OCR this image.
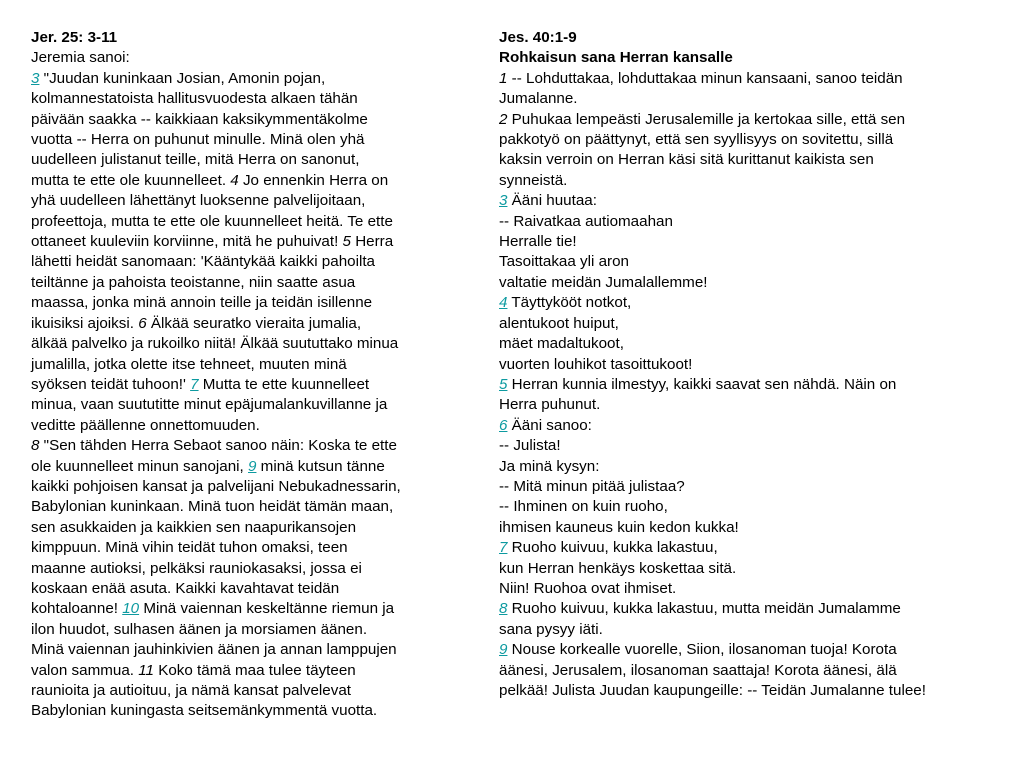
Jer. 25: 3-11
Jeremia sanoi:
3 "Juudan kuninkaan Josian, Amonin pojan,
kolmannestatoista hallitusvuodesta alkaen tähän
päivään saakka -- kaikkiaan kaksikymmentäkolme
vuotta -- Herra on puhunut minulle. Minä olen yhä
uudelleen julistanut teille, mitä Herra on sanonut,
mutta te ette ole kuunnelleet. 4 Jo ennenkin Herra on
yhä uudelleen lähettänyt luoksenne palvelijoitaan,
profeettoja, mutta te ette ole kuunnelleet heitä. Te ette
ottaneet kuuleviin korviinne, mitä he puhuivat! 5 Herra
lähetti heidät sanomaan: 'Kääntykää kaikki pahoilta
teiltänne ja pahoista teoistanne, niin saatte asua
maassa, jonka minä annoin teille ja teidän isillenne
ikuisiksi ajoiksi. 6 Älkää seuratko vieraita jumalia,
älkää palvelko ja rukoilko niitä! Älkää suututtako minua
jumalilla, jotka olette itse tehneet, muuten minä
syöksen teidät tuhoon!' 7 Mutta te ette kuunnelleet
minua, vaan suututitte minut epäjumalankuvillanne ja
veditte päällenne onnettomuuden.
8 "Sen tähden Herra Sebaot sanoo näin: Koska te ette
ole kuunnelleet minun sanojani, 9 minä kutsun tänne
kaikki pohjoisen kansat ja palvelijani Nebukadnessarin,
Babylonian kuninkaan. Minä tuon heidät tämän maan,
sen asukkaiden ja kaikkien sen naapurikansojen
kimppuun. Minä vihin teidät tuhon omaksi, teen
maanne autioksi, pelkäksi rauniokasaksi, jossa ei
koskaan enää asuta. Kaikki kavahtavat teidän
kohtaloanne! 10 Minä vaiennan keskeltänne riemun ja
ilon huudot, sulhasen äänen ja morsiamen äänen.
Minä vaiennan jauhinkivien äänen ja annan lamppujen
valon sammua. 11 Koko tämä maa tulee täyteen
raunioita ja autioituu, ja nämä kansat palvelevat
Babylonian kuningasta seitsemänkymmentä vuotta.
Jes. 40:1-9
Rohkaisun sana Herran kansalle
1 -- Lohduttakaa, lohduttakaa minun kansaani, sanoo teidän
Jumalanne.
2 Puhukaa lempeästi Jerusalemille ja kertokaa sille, että sen
pakkotyö on päättynyt, että sen syyllisyys on sovitettu, sillä
kaksin verroin on Herran käsi sitä kurittanut kaikista sen
synneistä.
3 Ääni huutaa:
-- Raivatkaa autiomaahan
Herralle tie!
Tasoittakaa yli aron
valtatie meidän Jumalallemme!
4 Täyttykööt notkot,
alentukoot huiput,
mäet madaltukoot,
vuorten louhikot tasoittukoot!
5 Herran kunnia ilmestyy, kaikki saavat sen nähdä. Näin on
Herra puhunut.
6 Ääni sanoo:
-- Julista!
Ja minä kysyn:
-- Mitä minun pitää julistaa?
-- Ihminen on kuin ruoho,
ihmisen kauneus kuin kedon kukka!
7 Ruoho kuivuu, kukka lakastuu,
kun Herran henkäys koskettaa sitä.
Niin! Ruohoa ovat ihmiset.
8 Ruoho kuivuu, kukka lakastuu, mutta meidän Jumalamme
sana pysyy iäti.
9 Nouse korkealle vuorelle, Siion, ilosanoman tuoja! Korota
äänesi, Jerusalem, ilosanoman saattaja! Korota äänesi, älä
pelkää! Julista Juudan kaupungeille: -- Teidän Jumalanne tulee!
